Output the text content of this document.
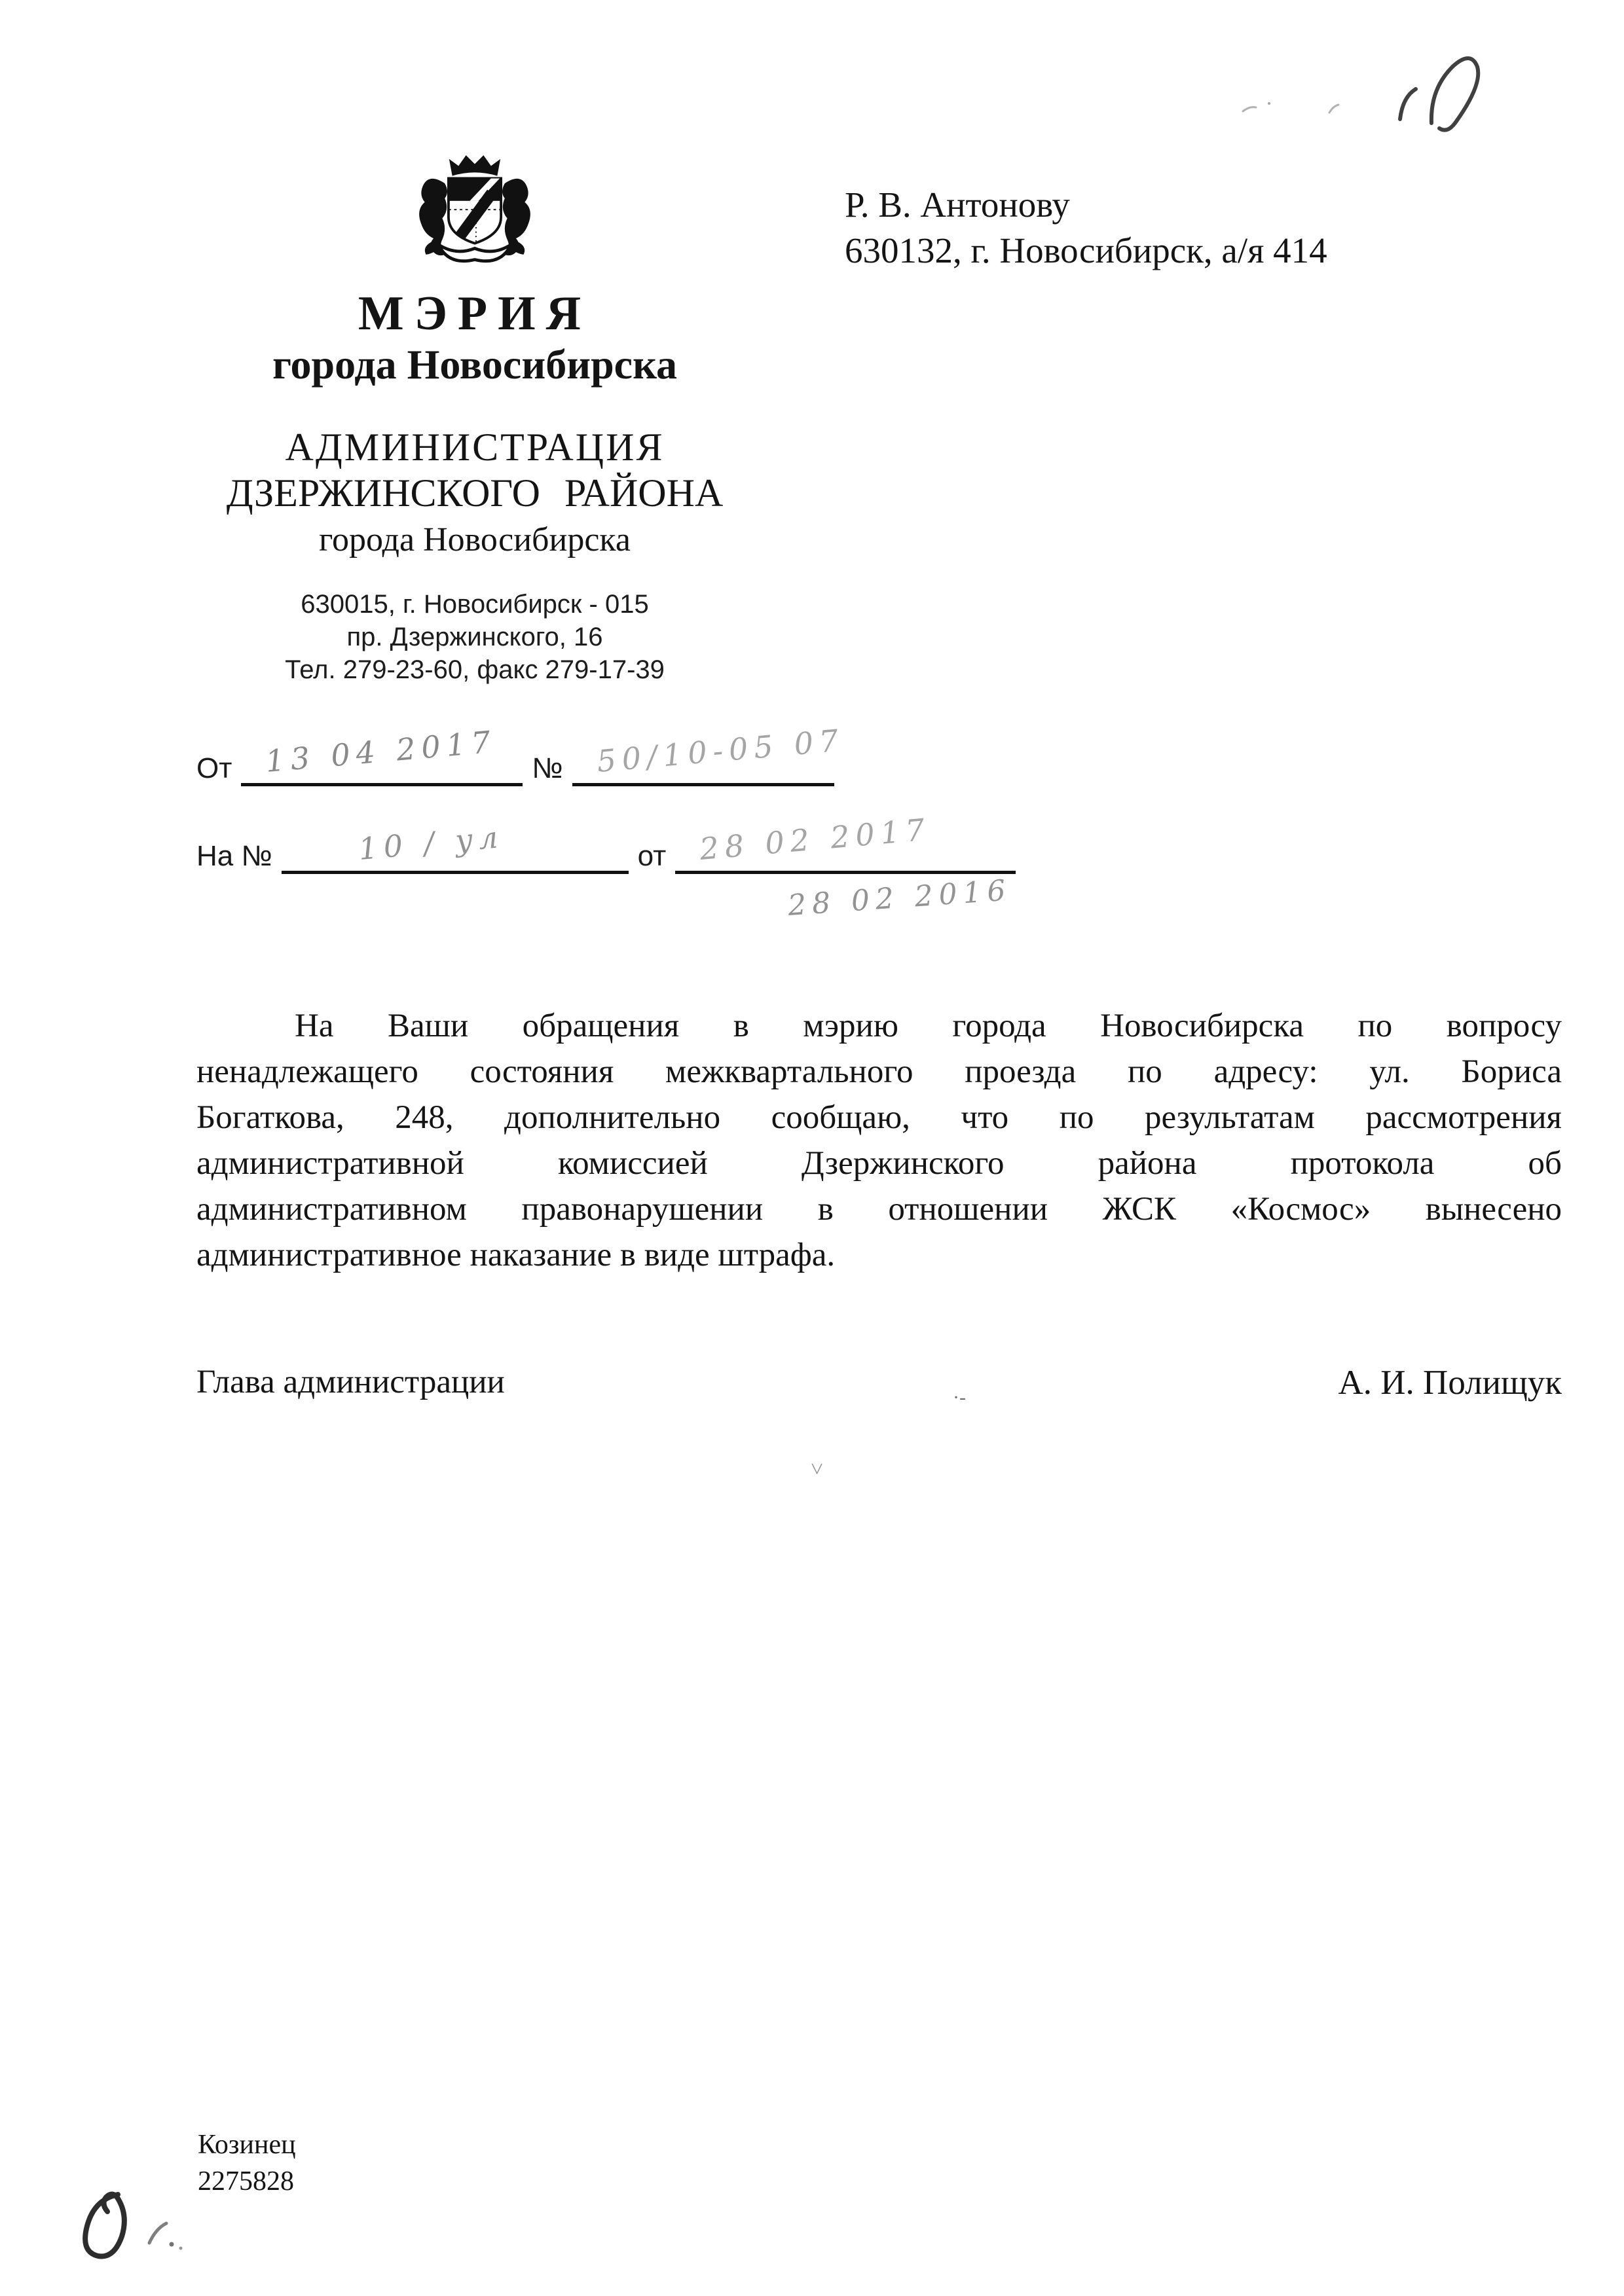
МЭРИЯ
города Новосибирска
АДМИНИСТРАЦИЯ
ДЗЕРЖИНСКОГО РАЙОНА
города Новосибирска
630015, г. Новосибирск - 015
пр. Дзержинского, 16
Тел. 279-23-60, факс 279-17-39
Р. В. Антонову
630132, г. Новосибирск, а/я 414
От 13 04 2017 № 50/10-05 07
На №	10 / ул	от 28 02 2017
28 02 2016
На Ваши обращения в мэрию города Новосибирска по вопросу
ненадлежащего состояния межквартального проезда по адресу: ул. Бориса
Богаткова, 248, дополнительно сообщаю, что по результатам рассмотрения
административной комиссией Дзержинского района протокола об
административном правонарушении в отношении ЖСК «Космос» вынесено
административное наказание в виде штрафа.
Глава администрации	А. И. Полищук
·-
˅
Козинец
2275828
